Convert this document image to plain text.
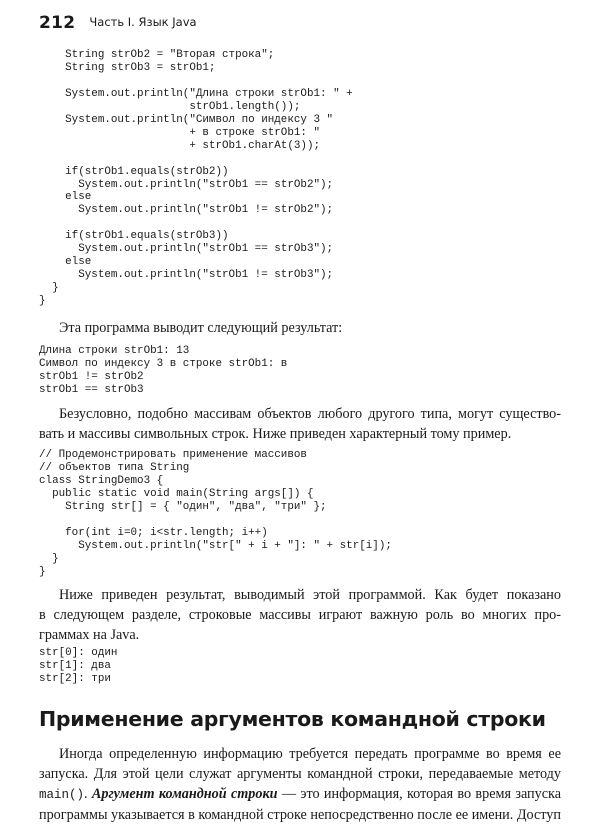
212 Часть I. Язык Java
String strOb2 = "Вторая строка";
String strOb3 = strOb1;

System.out.println("Длина строки strOb1: " +
strOb1.length());
System.out.println("Символ по индексу 3 "
+ в строке strOb1: "
+ strOb1.charAt(3));

if(strOb1.equals(strOb2))
System.out.println("strOb1 == strOb2");
else
System.out.println("strOb1 != strOb2");

if(strOb1.equals(strOb3))
System.out.println("strOb1 == strOb3");
else
System.out.println("strOb1 != strOb3");
}
}

Эта программа выводит следующий результат:

Длина строки strOb1: 13
Символ по индексу 3 в строке strOb1: в
strOb1 != strOb2
strOb1 == strOb3
Безусловно, подобно массивам объектов любого другого типа, могут существо-
вать и массивы символьных строк. Ниже приведен характерный тому пример.
// Продемонстрировать применение массивов
// объектов типа String
class StringDemo3 {
public static void main(String args[]) {
String str[] = { "один", "два", "три" };

for(int i=0; i<str.length; i++)
System.out.println("str[" + i + "]: " + str[i]);
}
}
Ниже приведен результат, выводимый этой программой. Как будет показано
в следующем разделе, строковые массивы играют важную роль во многих про-
граммах на Java.
str[0]: один
str[1]: два
str[2]: три
Применение аргументов командной строки
Иногда определенную информацию требуется передать программе во время ее
запуска. Для этой цели служат аргументы командной строки, передаваемые методу
main(). Аргумент командной строки — это информация, которая во время запуска
программы указывается в командной строке непосредственно после ее имени. Доступ
